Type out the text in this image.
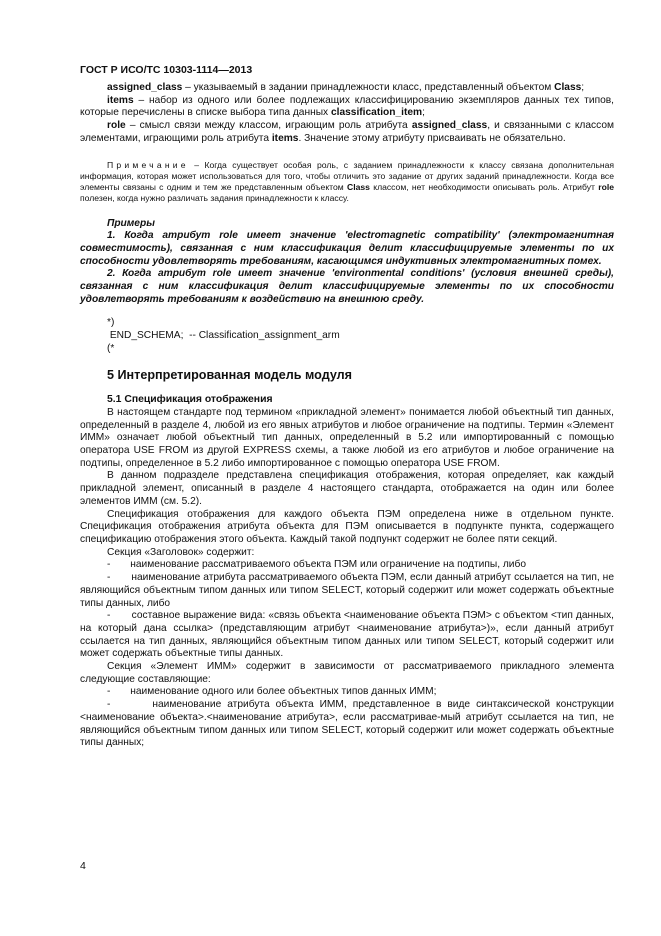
ГОСТ Р ИСО/ТС 10303-1114—2013

assigned_class – указываемый в задании принадлежности класс, представленный объектом Class;

items – набор из одного или более подлежащих классифицированию экземпляров данных тех типов, которые перечислены в списке выбора типа данных classification_item;

role – смысл связи между классом, играющим роль атрибута assigned_class, и связанными с классом элементами, играющими роль атрибута items. Значение этому атрибуту присваивать не обязательно.

Примечание – Когда существует особая роль, с заданием принадлежности к классу связана дополнительная информация, которая может использоваться для того, чтобы отличить это задание от других заданий принадлежности. Когда все элементы связаны с одним и тем же представленным объектом Class классом, нет необходимости описывать роль. Атрибут role полезен, когда нужно различать задания принадлежности к классу.

Примеры

1. Когда атрибут role имеет значение 'electromagnetic compatibility' (электромагнитная совместимость), связанная с ним классификация делит классифицируемые элементы по их способности удовлетворять требованиям, касающимся индуктивных электромагнитных помех.

2. Когда атрибут role имеет значение 'environmental conditions' (условия внешней среды), связанная с ним классификация делит классифицируемые элементы по их способности удовлетворять требованиям к воздействию на внешнюю среду.

*)
END_SCHEMA;  -- Classification_assignment_arm
(*
5 Интерпретированная модель модуля
5.1 Спецификация отображения

В настоящем стандарте под термином «прикладной элемент» понимается любой объектный тип данных, определенный в разделе 4, любой из его явных атрибутов и любое ограничение на подтипы. Термин «Элемент ИММ» означает любой объектный тип данных, определенный в 5.2 или импортированный с помощью оператора USE FROM из другой EXPRESS схемы, а также любой из его атрибутов и любое ограничение на подтипы, определенное в 5.2 либо импортированное с помощью оператора USE FROM.

В данном подразделе представлена спецификация отображения, которая определяет, как каждый прикладной элемент, описанный в разделе 4 настоящего стандарта, отображается на один или более элементов ИММ (см. 5.2).

Спецификация отображения для каждого объекта ПЭМ определена ниже в отдельном пункте. Спецификация отображения атрибута объекта для ПЭМ описывается в подпункте пункта, содержащего спецификацию отображения этого объекта. Каждый такой подпункт содержит не более пяти секций.

Секция «Заголовок» содержит:

- наименование рассматриваемого объекта ПЭМ или ограничение на подтипы, либо

- наименование атрибута рассматриваемого объекта ПЭМ, если данный атрибут ссылается на тип, не являющийся объектным типом данных или типом SELECT, который содержит или может содержать объектные типы данных, либо

- составное выражение вида: «связь объекта <наименование объекта ПЭМ> с объектом <тип данных, на который дана ссылка> (представляющим атрибут <наименование атрибута>)», если данный атрибут ссылается на тип данных, являющийся объектным типом данных или типом SELECT, который содержит или может содержать объектные типы данных.

Секция «Элемент ИММ» содержит в зависимости от рассматриваемого прикладного элемента следующие составляющие:

- наименование одного или более объектных типов данных ИММ;

-	наименование атрибута объекта ИММ, представленное в виде синтаксической конструкции <наименование объекта>.<наименование атрибута>, если рассматривае-мый атрибут ссылается на тип, не являющийся объектным типом данных или типом SELECT, который содержит или может содержать объектные типы данных;

4
